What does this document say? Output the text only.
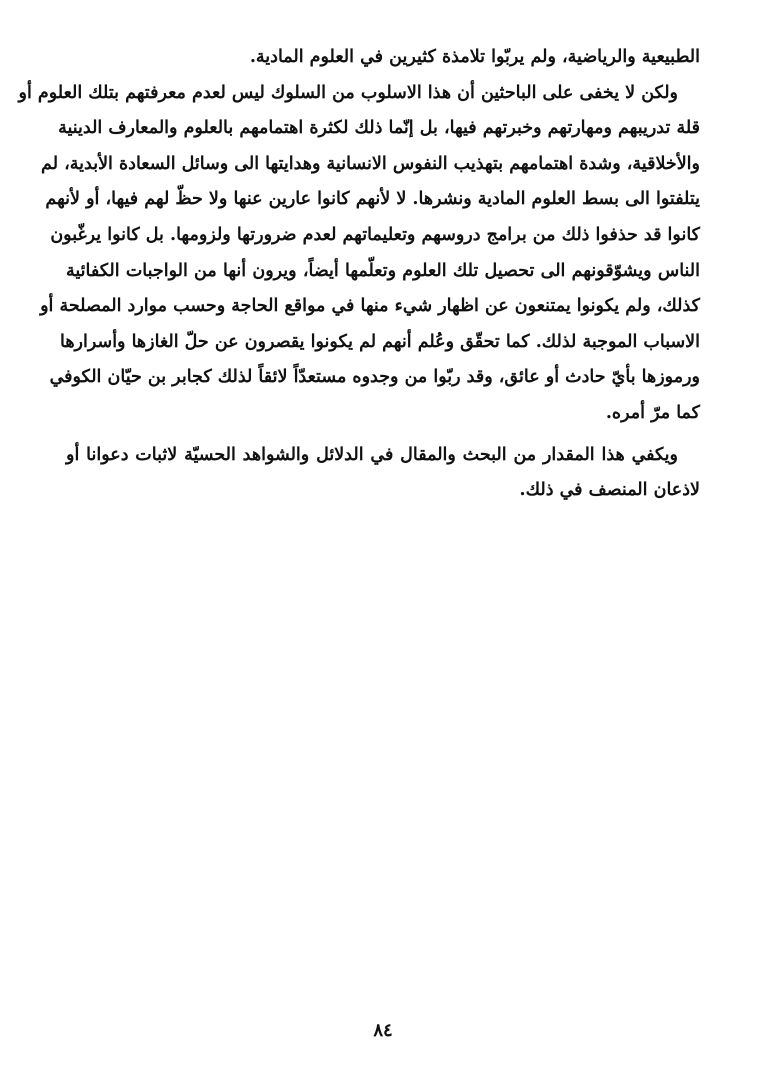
الطبيعية والرياضية، ولم يربّوا تلامذة كثيرين في العلوم المادية.
ولكن لا يخفى على الباحثين أن هذا الاسلوب من السلوك ليس لعدم معرفتهم بتلك العلوم أو
قلة تدريبهم ومهارتهم وخبرتهم فيها، بل إنّما ذلك لكثرة اهتمامهم بالعلوم والمعارف الدينية
والأخلاقية، وشدة اهتمامهم بتهذيب النفوس الانسانية وهدايتها الى وسائل السعادة الأبدية، لم
يتلفتوا الى بسط العلوم المادية ونشرها. لا لأنهم كانوا عارين عنها ولا حظّ لهم فيها، أو لأنهم
كانوا قد حذفوا ذلك من برامج دروسهم وتعليماتهم لعدم ضرورتها ولزومها. بل كانوا يرغّبون
الناس ويشوّقونهم الى تحصيل تلك العلوم وتعلّمها أيضاً، ويرون أنها من الواجبات الكفائية
كذلك، ولم يكونوا يمتنعون عن اظهار شيء منها في مواقع الحاجة وحسب موارد المصلحة أو
الاسباب الموجبة لذلك. كما تحقّق وعُلم أنهم لم يكونوا يقصرون عن حلّ الغازها وأسرارها
ورموزها بأيّ حادث أو عائق، وقد ربّوا من وجدوه مستعدّاً لائقاً لذلك كجابر بن حيّان الكوفي
كما مرّ أمره.
ويكفي هذا المقدار من البحث والمقال في الدلائل والشواهد الحسيّة لاثبات دعوانا أو
لاذعان المنصف في ذلك.
٨٤
